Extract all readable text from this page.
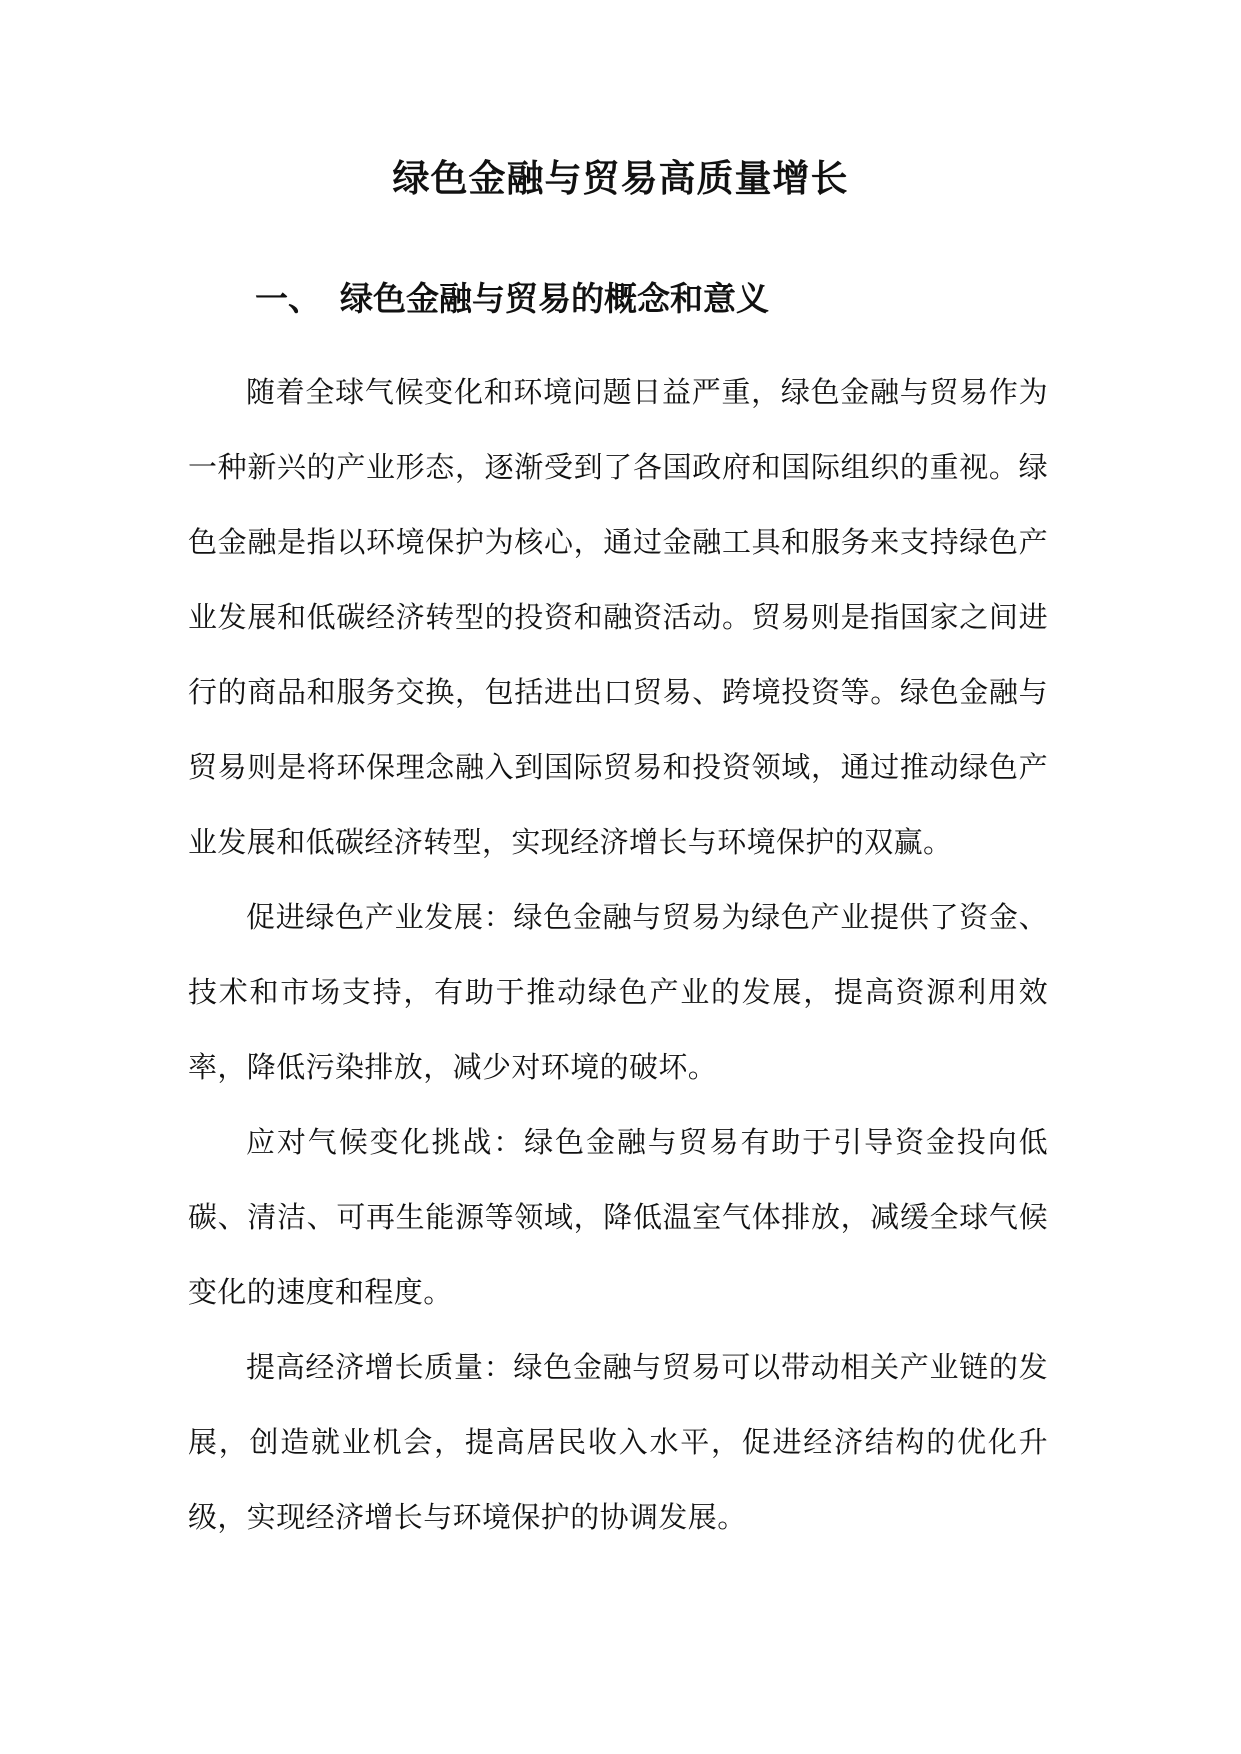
绿色金融与贸易高质量增长
一、 绿色金融与贸易的概念和意义

随着全球气候变化和环境问题日益严重，绿色金融与贸易作为一种新兴的产业形态，逐渐受到了各国政府和国际组织的重视。绿色金融是指以环境保护为核心，通过金融工具和服务来支持绿色产业发展和低碳经济转型的投资和融资活动。贸易则是指国家之间进行的商品和服务交换，包括进出口贸易、跨境投资等。绿色金融与贸易则是将环保理念融入到国际贸易和投资领域，通过推动绿色产业发展和低碳经济转型，实现经济增长与环境保护的双赢。

促进绿色产业发展：绿色金融与贸易为绿色产业提供了资金、技术和市场支持，有助于推动绿色产业的发展，提高资源利用效率，降低污染排放，减少对环境的破坏。

应对气候变化挑战：绿色金融与贸易有助于引导资金投向低碳、清洁、可再生能源等领域，降低温室气体排放，减缓全球气候变化的速度和程度。

提高经济增长质量：绿色金融与贸易可以带动相关产业链的发展，创造就业机会，提高居民收入水平，促进经济结构的优化升级，实现经济增长与环境保护的协调发展。
